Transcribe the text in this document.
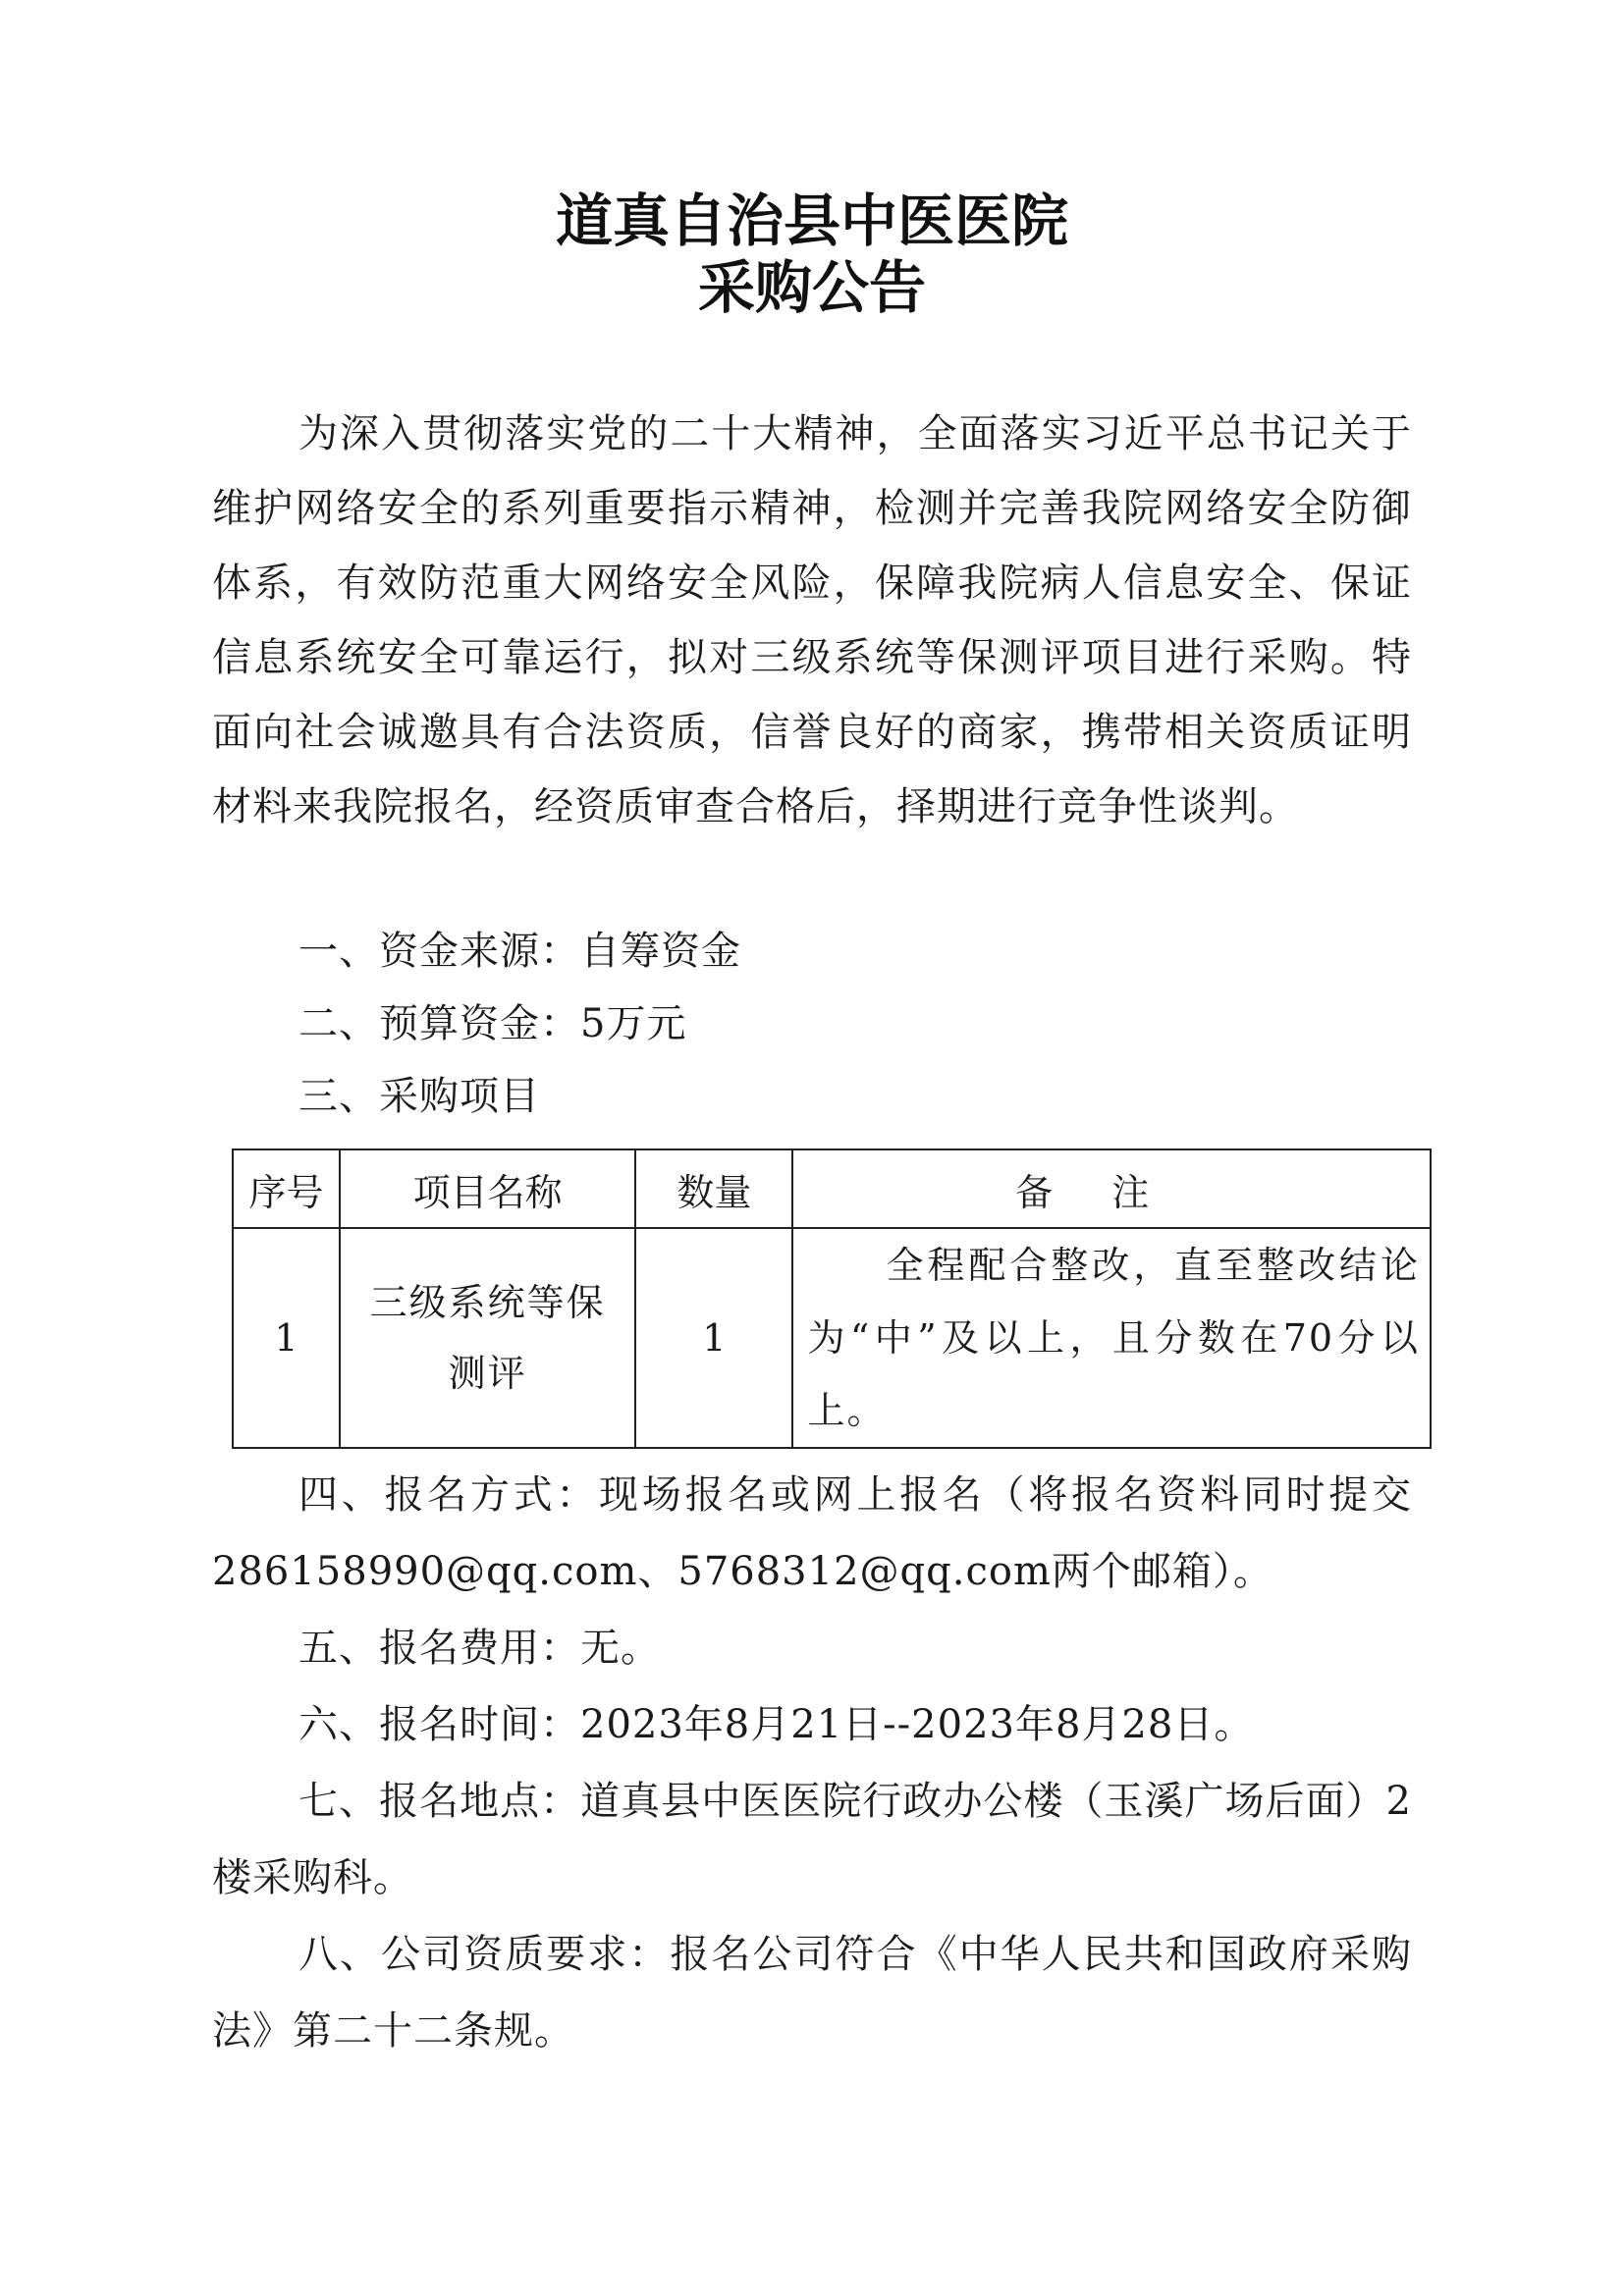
道真自治县中医医院
采购公告

为深入贯彻落实党的二十大精神，全面落实习近平总书记关于维护网络安全的系列重要指示精神，检测并完善我院网络安全防御体系，有效防范重大网络安全风险，保障我院病人信息安全、保证信息系统安全可靠运行，拟对三级系统等保测评项目进行采购。特面向社会诚邀具有合法资质，信誉良好的商家，携带相关资质证明材料来我院报名，经资质审查合格后，择期进行竞争性谈判。

一、资金来源：自筹资金

二、预算资金：5万元

三、采购项目

序号	项目名称	数量	备注
1	三级系统等保测评	1	全程配合整改，直至整改结论为“中”及以上，且分数在70分以上。

四、报名方式：现场报名或网上报名（将报名资料同时提交286158990@qq.com、5768312@qq.com两个邮箱）。

五、报名费用：无。

六、报名时间：2023年8月21日--2023年8月28日。

七、报名地点：道真县中医医院行政办公楼（玉溪广场后面）2楼采购科。

八、公司资质要求：报名公司符合《中华人民共和国政府采购法》第二十二条规。
